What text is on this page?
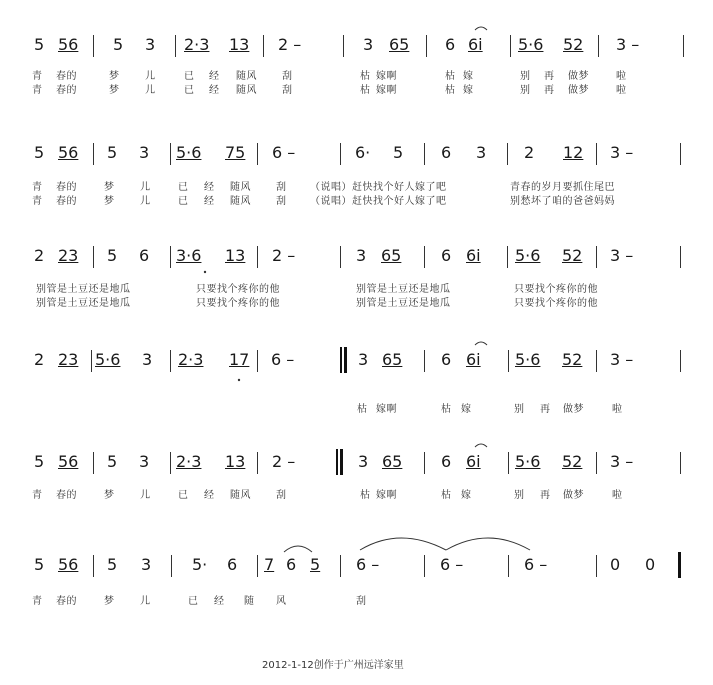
5 56 5 3 2·3 13 2 –	3 65 6 6i 5·6 52 3 –
青 春的	梦	儿	已 经 随风	刮	枯 嫁啊	枯 嫁	别 再 做梦	啦
青 春的	梦	儿	已 经 随风	刮	枯 嫁啊	枯 嫁	别 再 做梦	啦
5 56 5 3 5·6 75 6 –	6· 5 6 3 2 12 3 –
青 春的	梦	儿	已 经 随风	刮 （说唱）赶快找个好人嫁了吧	青春的岁月要抓住尾巴
青 春的	梦	儿	已 经 随风	刮 （说唱）赶快找个好人嫁了吧	别愁坏了咱的爸爸妈妈
2 23 5 6 3·6 13 2 –	3 65 6 6i 5·6 52 3 –
别管是土豆还是地瓜	只要找个疼你的他	别管是土豆还是地瓜	只要找个疼你的他
别管是土豆还是地瓜	只要找个疼你的他	别管是土豆还是地瓜	只要找个疼你的他
2 23 5·6 3 2·3 17 6 –	3 65 6 6i 5·6 52 3 –
枯 嫁啊	枯 嫁	别 再 做梦	啦
5 56 5 3 2·3 13 2 –	3 65 6 6i 5·6 52 3 –
青 春的	梦	儿	已 经 随风	刮	枯 嫁啊	枯 嫁	别 再 做梦	啦
5 56 5 3	5· 6 7 6 5 6 –	6 –	6 –	0 0
青 春的	梦	儿	已 经 随 风	刮
2012-1-12创作于广州远洋家里
